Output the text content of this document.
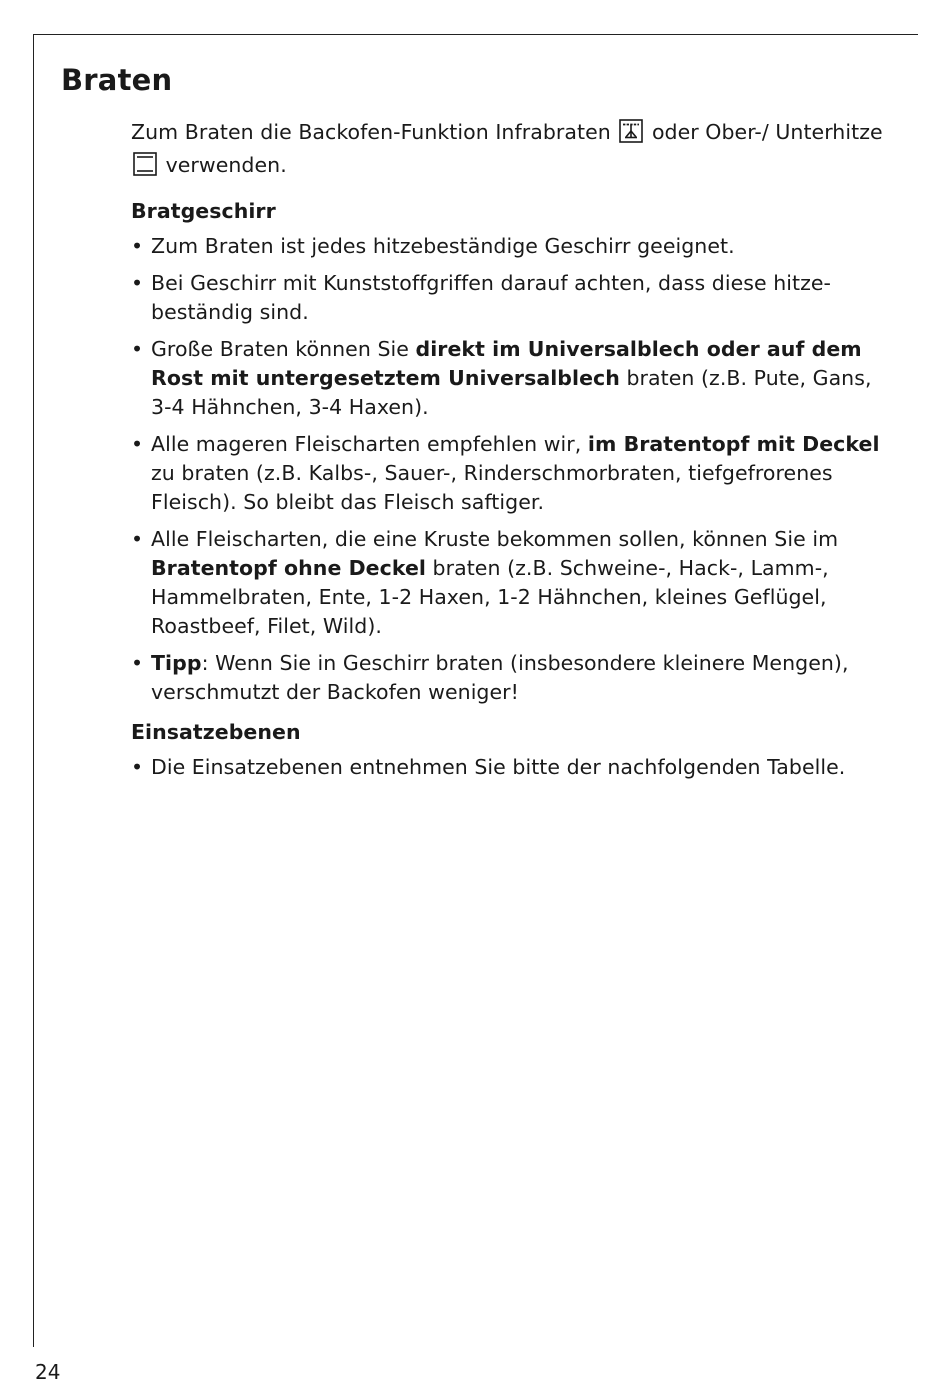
Braten

Zum Braten die Backofen-Funktion Infrabraten oder Ober-/ Unterhitze  verwenden.

Bratgeschirr
• Zum Braten ist jedes hitzebeständige Geschirr geeignet.
• Bei Geschirr mit Kunststoffgriffen darauf achten, dass diese hitze-beständig sind.
• Große Braten können Sie direkt im Universalblech oder auf dem Rost mit untergesetztem Universalblech braten (z.B. Pute, Gans, 3-4 Hähnchen, 3-4 Haxen).
• Alle mageren Fleischarten empfehlen wir, im Bratentopf mit Deckel zu braten (z.B. Kalbs-, Sauer-, Rinderschmorbraten, tiefgefrorenes Fleisch). So bleibt das Fleisch saftiger.
• Alle Fleischarten, die eine Kruste bekommen sollen, können Sie im Bratentopf ohne Deckel braten (z.B. Schweine-, Hack-, Lamm-, Hammelbraten, Ente, 1-2 Haxen, 1-2 Hähnchen, kleines Geflügel, Roastbeef, Filet, Wild).
• Tipp: Wenn Sie in Geschirr braten (insbesondere kleinere Mengen), verschmutzt der Backofen weniger!
Einsatzebenen
• Die Einsatzebenen entnehmen Sie bitte der nachfolgenden Tabelle.
24
